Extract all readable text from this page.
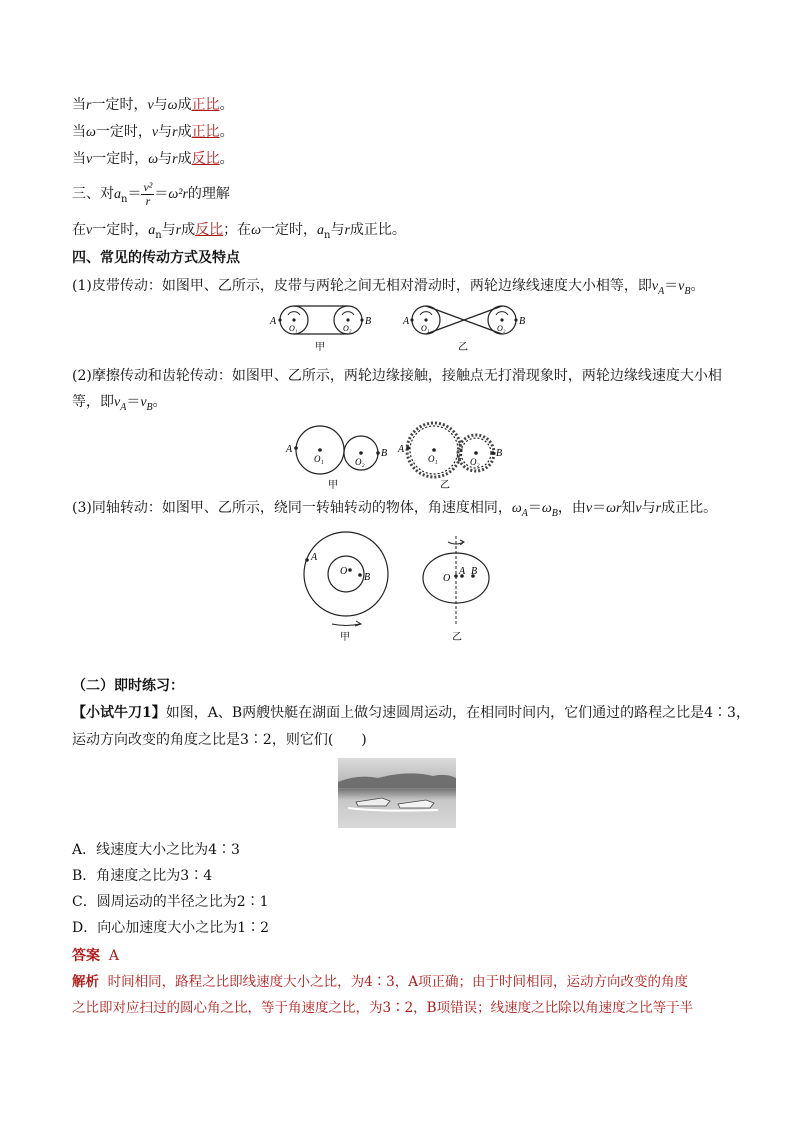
当r一定时，v与ω成正比。
当ω一定时，v与r成正比。
当v一定时，ω与r成反比。
三、对$a_n= \frac{\text{v²}}{r} =\omega^2r$的理解
在v一定时，$a_n$与r成反比；在ω一定时，$a_n$与r成正比。
四、常见的传动方式及特点
(1)皮带传动：如图甲、乙所示，皮带与两轮之间无相对滑动时，两轮边缘线速度大小相等，即$v_A=v_B$。
A	B
O₁	O₂
甲
A	B
O₁	O₂
乙
(2)摩擦传动和齿轮传动：如图甲、乙所示，两轮边缘接触，接触点无打滑现象时，两轮边缘线速度大小相
等，即$v_A=v_B$。
A	B
O₁	O₂
甲
A	B
O₁	O₂
乙
(3)同轴转动：如图甲、乙所示，绕同一转轴转动的物体，角速度相同，$\omega_A=\omega_B$，由v＝ωr知v与r成正比。
O
B
A
甲
O
A B
乙
（二）即时练习：
【小试牛刀1】如图，A、B两艘快艇在湖面上做匀速圆周运动，在相同时间内，它们通过的路程之比是4∶3，
运动方向改变的角度之比是3∶2，则它们(　　)
A．线速度大小之比为4∶3
B．角速度之比为3∶4
C．圆周运动的半径之比为2∶1
D．向心加速度大小之比为1∶2
答案 A
解析 时间相同，路程之比即线速度大小之比，为4∶3，A项正确；由于时间相同，运动方向改变的角度
之比即对应扫过的圆心角之比，等于角速度之比，为3∶2，B项错误；线速度之比除以角速度之比等于半
